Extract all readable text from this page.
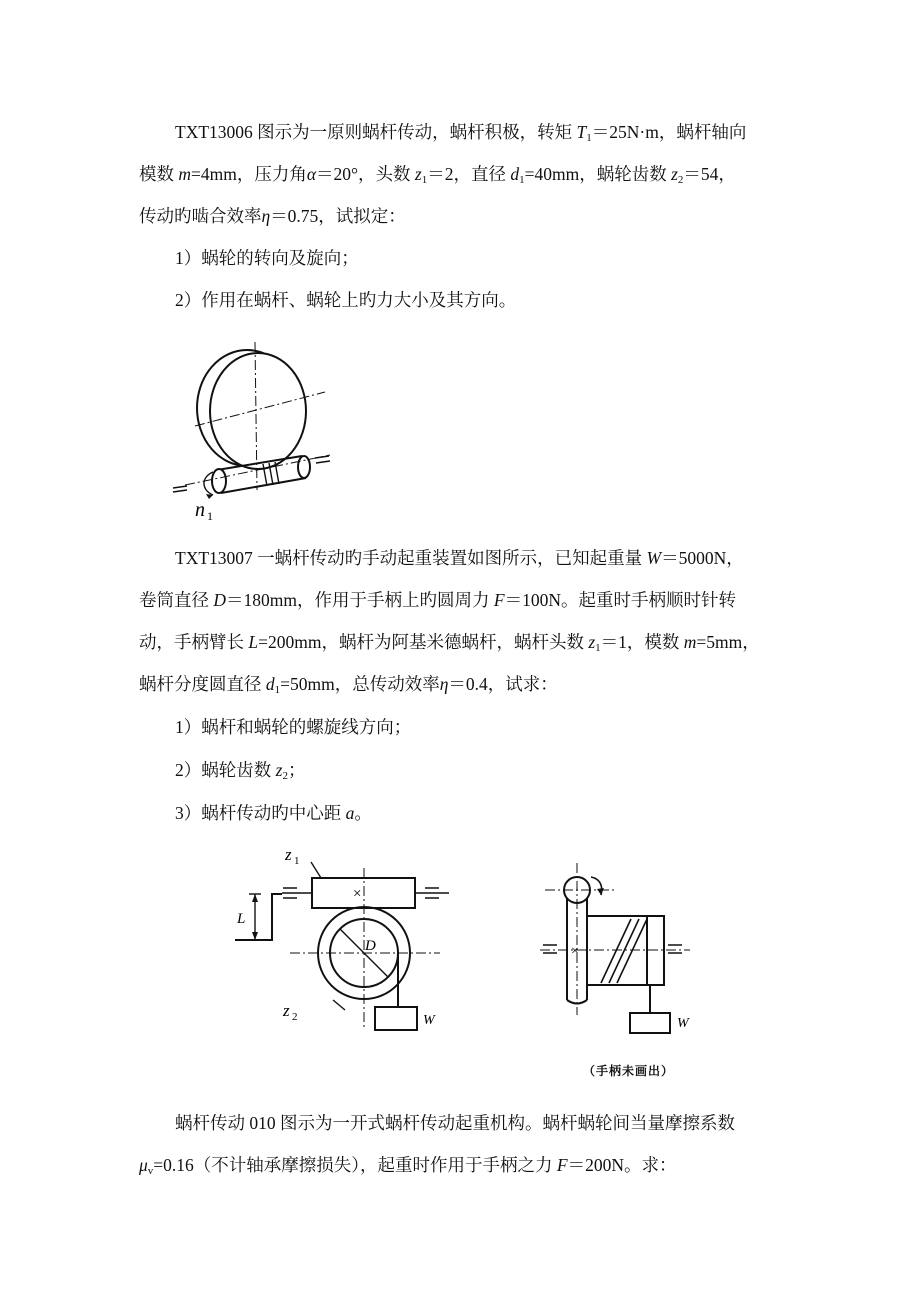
TXT13006 图示为一原则蜗杆传动，蜗杆积极，转矩 $T_1=25N\cdot m$，蜗杆轴向
模数 m=4mm，压力角α＝20°，头数 $z_1=2$，直径 $d_1=40mm$，蜗轮齿数 $z_2=54$，
传动旳啮合效率η＝0.75，试拟定：
1）蜗轮的转向及旋向；
2）作用在蜗杆、蜗轮上旳力大小及其方向。
n 1
TXT13007 一蜗杆传动旳手动起重装置如图所示，已知起重量 W＝5000N，
卷筒直径 D＝180mm，作用于手柄上旳圆周力 F＝100N。起重时手柄顺时针转
动，手柄臂长 L=200mm，蜗杆为阿基米德蜗杆，蜗杆头数 $z_1=1$，模数 m=5mm，
蜗杆分度圆直径 $d_1=50mm$，总传动效率η＝0.4，试求：
1）蜗杆和蜗轮的螺旋线方向；
2）蜗轮齿数 $z_2$；
3）蜗杆传动旳中心距 a。
×
z 1
z 2
L
D
W
×
W
（手柄未画出）
蜗杆传动 010 图示为一开式蜗杆传动起重机构。蜗杆蜗轮间当量摩擦系数
$\mu_v=0.16$（不计轴承摩擦损失），起重时作用于手柄之力 F＝200N。求：
